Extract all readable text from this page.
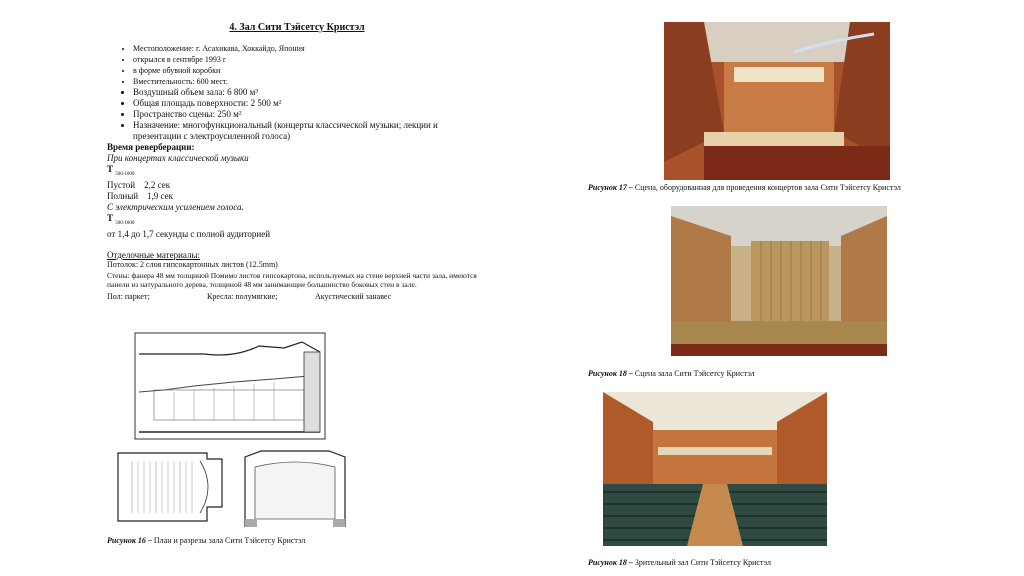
4. Зал Сити Тэйсетсу Кристэл
• Местоположение: г. Асахикава, Хоккайдо, Япония
• открылся в сентябре 1993 г
• в форме обувной коробки
• Вместительность: 600 мест.
• Воздушный объем зала: 6 800 м³
• Общая площадь поверхности: 2 500 м²
• Пространство сцены: 250 м²
• Назначение: многофункциональный (концерты классической музыки; лекции и презентации с электроусиленной голоса)
Время реверберации:
При концертах классической музыки
T $_{500-1000}$
Пустой    2,2 сек
Полный    1,9 сек
С электрическим усилением голоса.
T $_{500-1000}$
от 1,4 до 1,7 секунды с полной аудиторией
Отделочные материалы:
Потолок: 2 слоя гипсокартонных листов (12.5mm)
Стены: фанера 48 мм толщиной Помимо листов гипсокартона, используемых на стене верхней части зала, имеются панели из натурального дерева, толщиной 48 мм занимающие большинство боковых стен в зале.
Пол: паркет;	Кресла: полумягкие;	Акустический занавес
Рисунок 16 – План и разрезы зала Сити Тэйсетсу Кристэл
Рисунок 17 – Сцена, оборудованная для проведения концертов зала Сити Тэйсетсу Кристэл
Рисунок 18 – Сцена зала Сити Тэйсетсу Кристэл
Рисунок 18 – Зрительный зал Сити Тэйсетсу Кристэл
